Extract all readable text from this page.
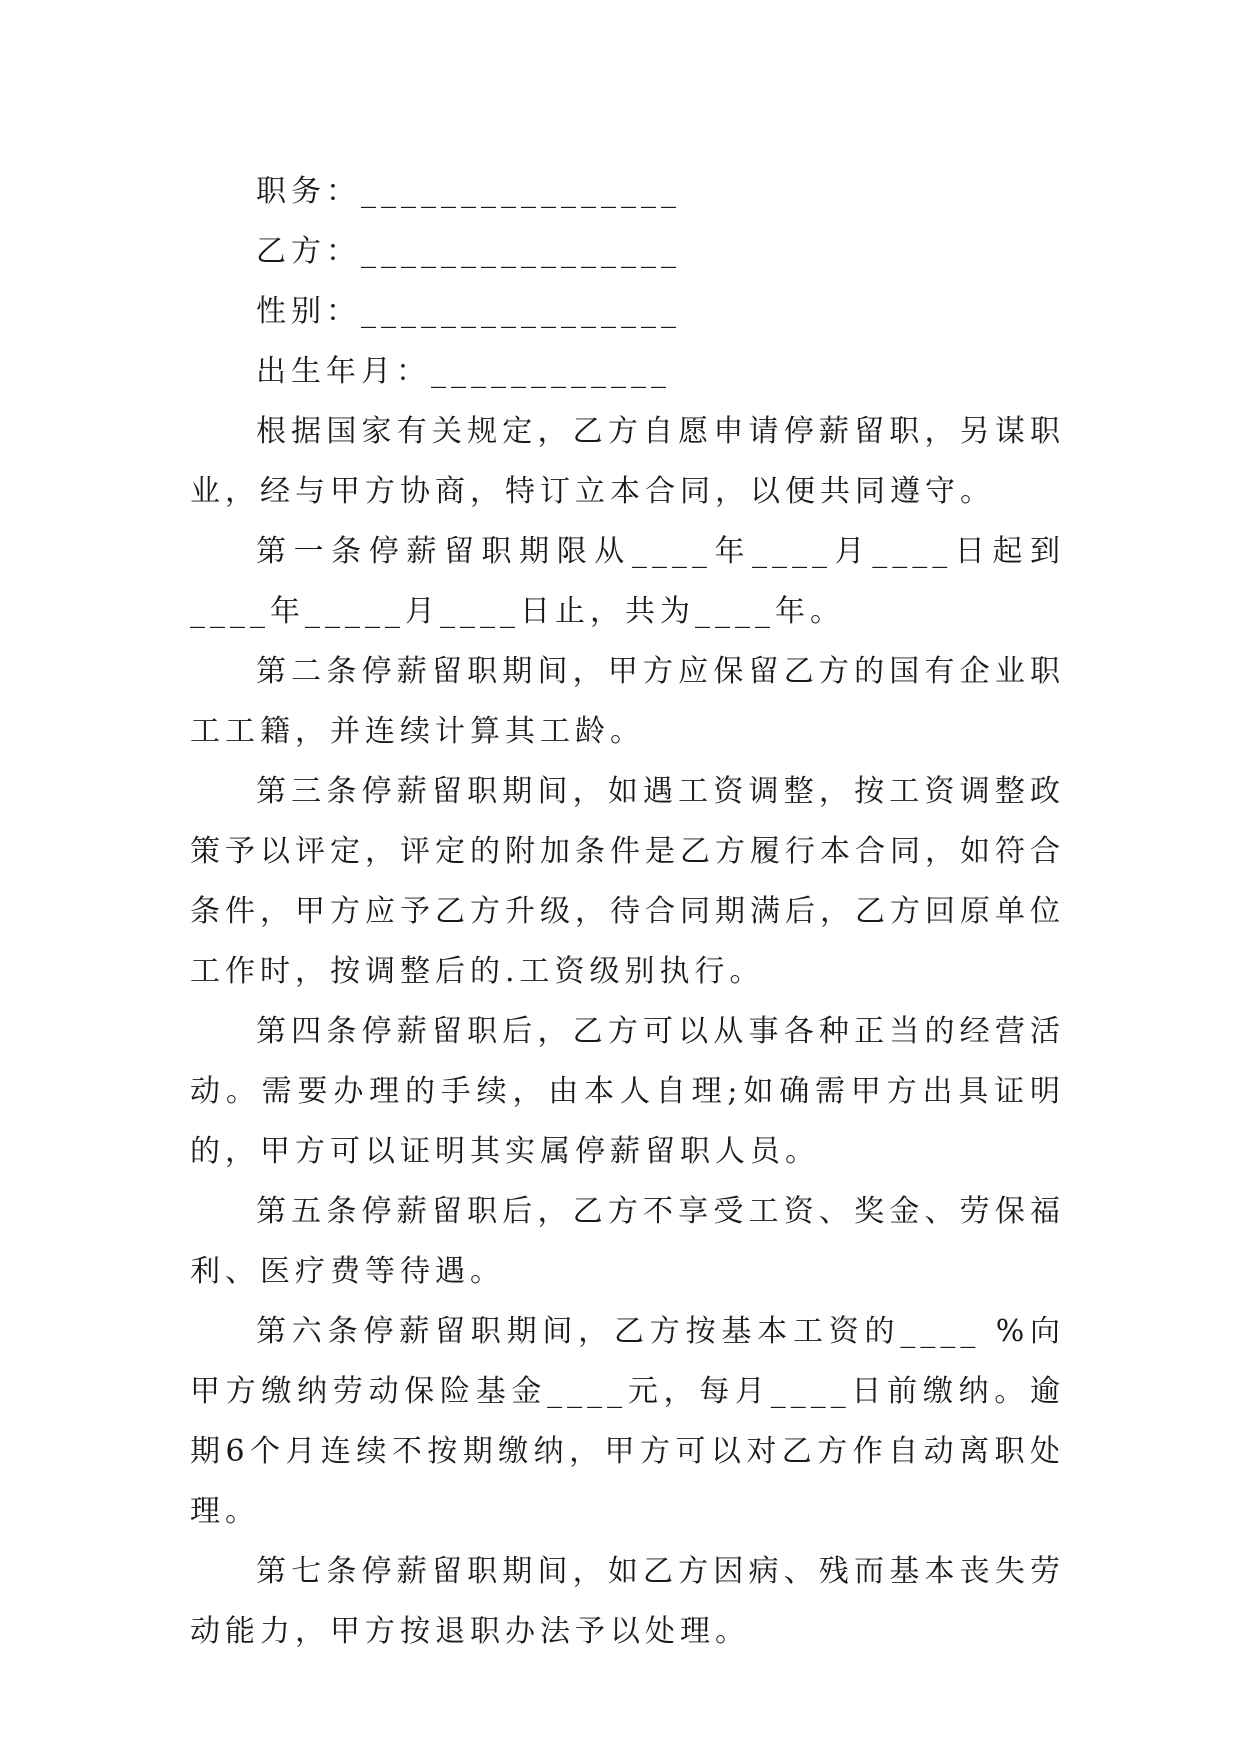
职务：________________

乙方：________________

性别：________________

出生年月：____________

根据国家有关规定，乙方自愿申请停薪留职，另谋职业，经与甲方协商，特订立本合同，以便共同遵守。

第一条停薪留职期限从____年____月____日起到____年_____月____日止，共为____年。

第二条停薪留职期间，甲方应保留乙方的国有企业职工工籍，并连续计算其工龄。

第三条停薪留职期间，如遇工资调整，按工资调整政策予以评定，评定的附加条件是乙方履行本合同，如符合条件，甲方应予乙方升级，待合同期满后，乙方回原单位工作时，按调整后的.工资级别执行。

第四条停薪留职后，乙方可以从事各种正当的经营活动。需要办理的手续，由本人自理;如确需甲方出具证明的，甲方可以证明其实属停薪留职人员。

第五条停薪留职后，乙方不享受工资、奖金、劳保福利、医疗费等待遇。

第六条停薪留职期间，乙方按基本工资的____ %向甲方缴纳劳动保险基金____元，每月____日前缴纳。逾期6个月连续不按期缴纳，甲方可以对乙方作自动离职处理。

第七条停薪留职期间，如乙方因病、残而基本丧失劳动能力，甲方按退职办法予以处理。
